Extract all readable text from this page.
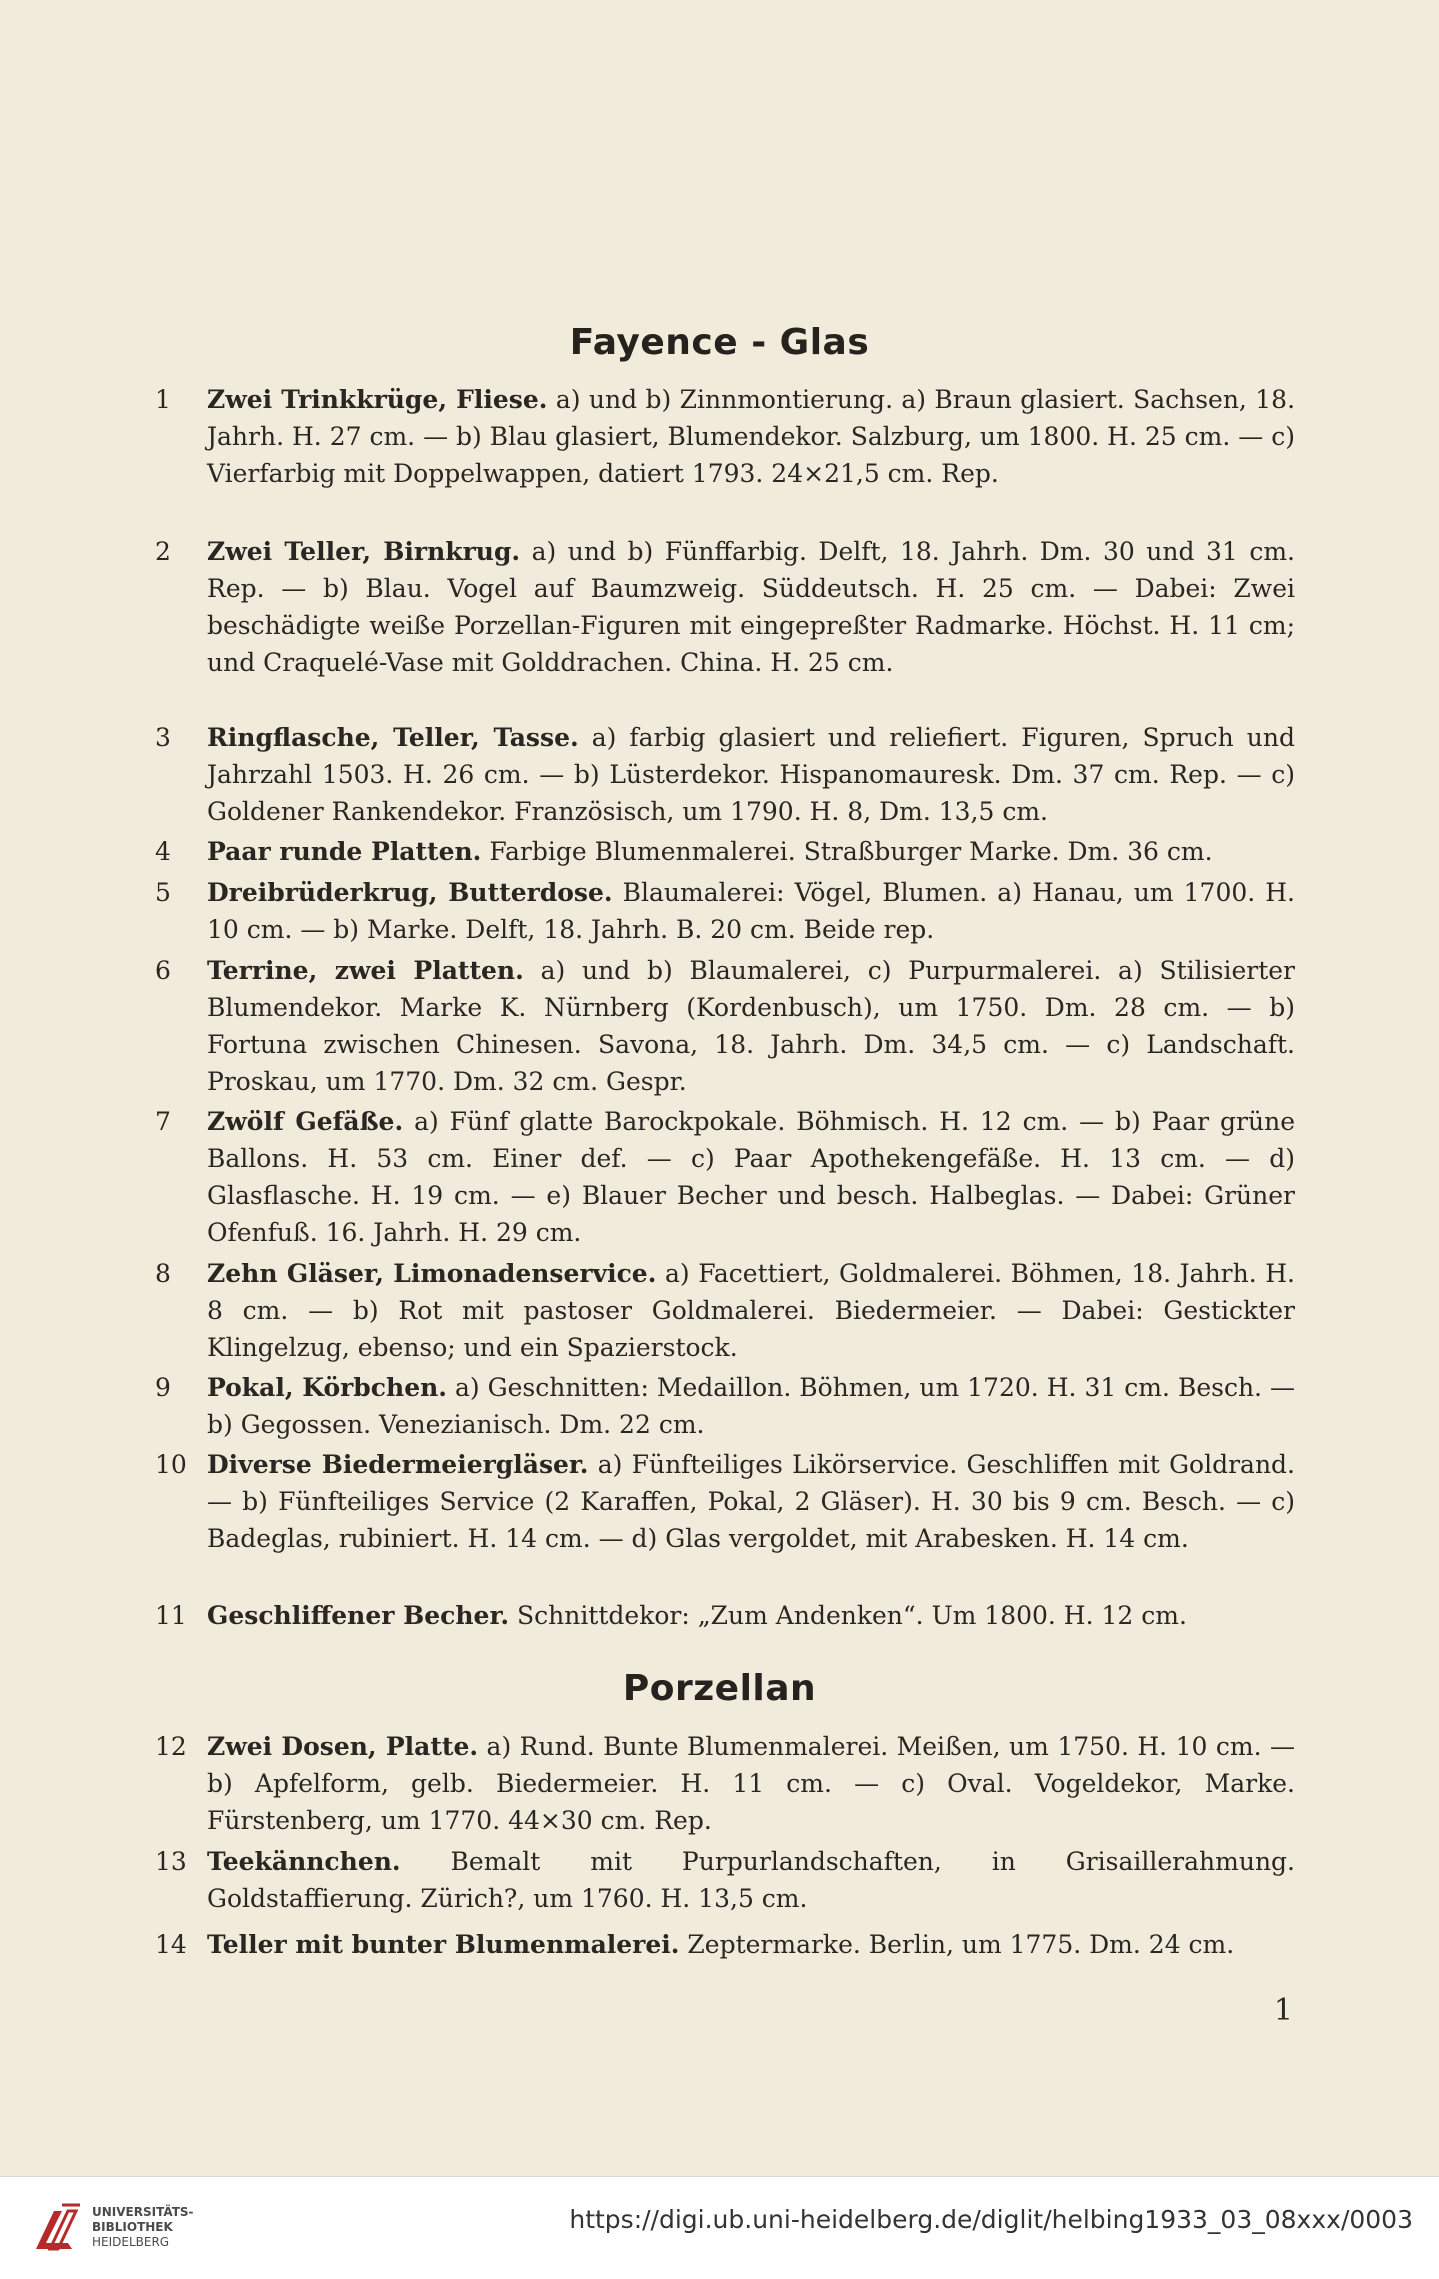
Fayence - Glas
1	Zwei Trinkkrüge, Fliese. a) und b) Zinnmontierung. a) Braun glasiert. Sachsen, 18. Jahrh. H. 27 cm. — b) Blau glasiert, Blumendekor. Salzburg, um 1800. H. 25 cm. — c) Vierfarbig mit Doppelwappen, datiert 1793. 24×21,5 cm. Rep.
2	Zwei Teller, Birnkrug. a) und b) Fünffarbig. Delft, 18. Jahrh. Dm. 30 und 31 cm. Rep. — b) Blau. Vogel auf Baumzweig. Süddeutsch. H. 25 cm. — Dabei: Zwei beschädigte weiße Porzellan-Figuren mit eingepreßter Radmarke. Höchst. H. 11 cm; und Craquelé-Vase mit Golddrachen. China. H. 25 cm.
3	Ringflasche, Teller, Tasse. a) farbig glasiert und reliefiert. Figuren, Spruch und Jahrzahl 1503. H. 26 cm. — b) Lüsterdekor. Hispanomauresk. Dm. 37 cm. Rep. — c) Goldener Rankendekor. Französisch, um 1790. H. 8, Dm. 13,5 cm.
4	Paar runde Platten. Farbige Blumenmalerei. Straßburger Marke. Dm. 36 cm.
5	Dreibrüderkrug, Butterdose. Blaumalerei: Vögel, Blumen. a) Hanau, um 1700. H. 10 cm. — b) Marke. Delft, 18. Jahrh. B. 20 cm. Beide rep.
6	Terrine, zwei Platten. a) und b) Blaumalerei, c) Purpurmalerei. a) Stilisierter Blumendekor. Marke K. Nürnberg (Kordenbusch), um 1750. Dm. 28 cm. — b) Fortuna zwischen Chinesen. Savona, 18. Jahrh. Dm. 34,5 cm. — c) Landschaft. Proskau, um 1770. Dm. 32 cm. Gespr.
7	Zwölf Gefäße. a) Fünf glatte Barockpokale. Böhmisch. H. 12 cm. — b) Paar grüne Ballons. H. 53 cm. Einer def. — c) Paar Apothekengefäße. H. 13 cm. — d) Glasflasche. H. 19 cm. — e) Blauer Becher und besch. Halbeglas. — Dabei: Grüner Ofenfuß. 16. Jahrh. H. 29 cm.
8	Zehn Gläser, Limonadenservice. a) Facettiert, Goldmalerei. Böhmen, 18. Jahrh. H. 8 cm. — b) Rot mit pastoser Goldmalerei. Biedermeier. — Dabei: Gestickter Klingelzug, ebenso; und ein Spazierstock.
9	Pokal, Körbchen. a) Geschnitten: Medaillon. Böhmen, um 1720. H. 31 cm. Besch. — b) Gegossen. Venezianisch. Dm. 22 cm.
10 Diverse Biedermeiergläser. a) Fünfteiliges Likörservice. Geschliffen mit Goldrand. — b) Fünfteiliges Service (2 Karaffen, Pokal, 2 Gläser). H. 30 bis 9 cm. Besch. — c) Badeglas, rubiniert. H. 14 cm. — d) Glas vergoldet, mit Arabesken. H. 14 cm.
11 Geschliffener Becher. Schnittdekor: „Zum Andenken“. Um 1800. H. 12 cm.
Porzellan
12 Zwei Dosen, Platte. a) Rund. Bunte Blumenmalerei. Meißen, um 1750. H. 10 cm. — b) Apfelform, gelb. Biedermeier. H. 11 cm. — c) Oval. Vogeldekor, Marke. Fürstenberg, um 1770. 44×30 cm. Rep.
13 Teekännchen. Bemalt mit Purpurlandschaften, in Grisaillerahmung. Goldstaffierung. Zürich?, um 1760. H. 13,5 cm.
14 Teller mit bunter Blumenmalerei. Zeptermarke. Berlin, um 1775. Dm. 24 cm.
1
UNIVERSITÄTS-
BIBLIOTHEK
HEIDELBERG
https://digi.ub.uni-heidelberg.de/diglit/helbing1933_03_08xxx/0003
